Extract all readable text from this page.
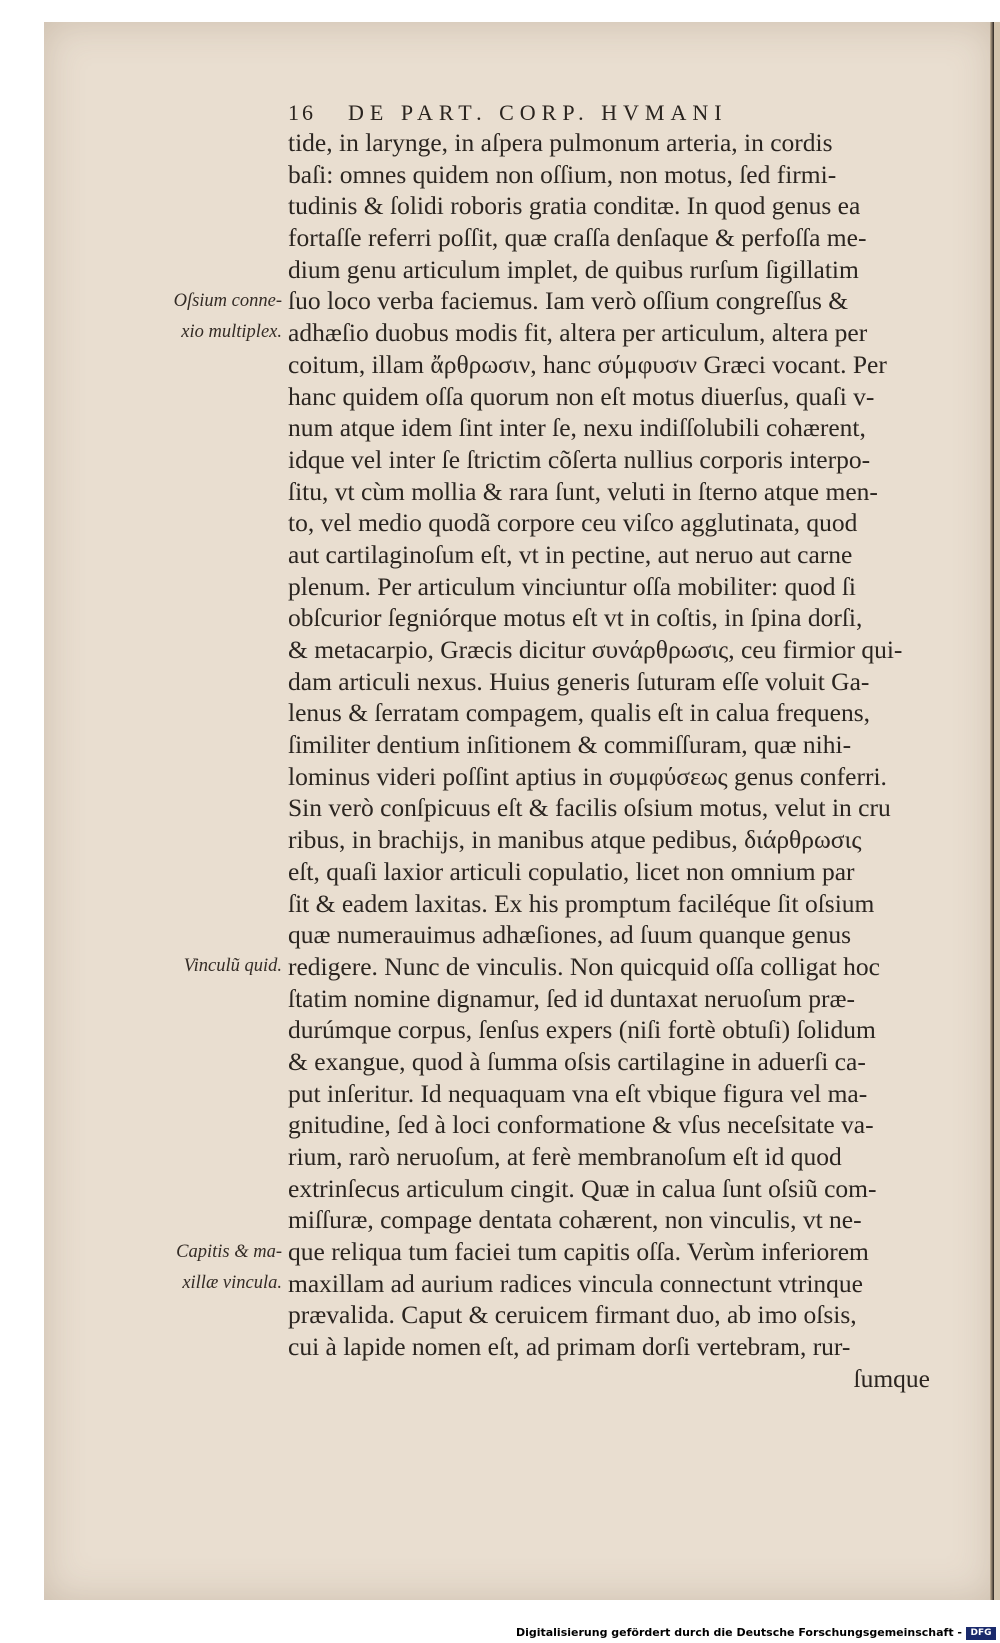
16 DE PART. CORP. HVMANI
tide, in larynge, in aſpera pulmonum arteria, in cordis
baſi: omnes quidem non oſſium, non motus, ſed firmi-
tudinis & ſolidi roboris gratia conditæ. In quod genus ea
fortaſſe referri poſſit, quæ craſſa denſaque & perfoſſa me-
dium genu articulum implet, de quibus rurſum ſigillatim
ſuo loco verba faciemus. Iam verò oſſium congreſſus &
adhæſio duobus modis fit, altera per articulum, altera per
coitum, illam ἄρθρωσιν, hanc σύμφυσιν Græci vocant. Per
hanc quidem oſſa quorum non eſt motus diuerſus, quaſi v-
num atque idem ſint inter ſe, nexu indiſſolubili cohærent,
idque vel inter ſe ſtrictim cõſerta nullius corporis interpo-
ſitu, vt cùm mollia & rara ſunt, veluti in ſterno atque men-
to, vel medio quodã corpore ceu viſco agglutinata, quod
aut cartilaginoſum eſt, vt in pectine, aut neruo aut carne
plenum. Per articulum vinciuntur oſſa mobiliter: quod ſi
obſcurior ſegniórque motus eſt vt in coſtis, in ſpina dorſi,
& metacarpio, Græcis dicitur συνάρθρωσις, ceu firmior qui-
dam articuli nexus. Huius generis ſuturam eſſe voluit Ga-
lenus & ſerratam compagem, qualis eſt in calua frequens,
ſimiliter dentium inſitionem & commiſſuram, quæ nihi-
lominus videri poſſint aptius in συμφύσεως genus conferri.
Sin verò conſpicuus eſt & facilis oſsium motus, velut in cru
ribus, in brachijs, in manibus atque pedibus, διάρθρωσις
eſt, quaſi laxior articuli copulatio, licet non omnium par
ſit & eadem laxitas. Ex his promptum faciléque ſit oſsium
quæ numerauimus adhæſiones, ad ſuum quanque genus
redigere. Nunc de vinculis. Non quicquid oſſa colligat hoc
ſtatim nomine dignamur, ſed id duntaxat neruoſum præ-
durúmque corpus, ſenſus expers (niſi fortè obtuſi) ſolidum
& exangue, quod à ſumma oſsis cartilagine in aduerſi ca-
put inſeritur. Id nequaquam vna eſt vbique figura vel ma-
gnitudine, ſed à loci conformatione & vſus neceſsitate va-
rium, rarò neruoſum, at ferè membranoſum eſt id quod
extrinſecus articulum cingit. Quæ in calua ſunt oſsiũ com-
miſſuræ, compage dentata cohærent, non vinculis, vt ne-
que reliqua tum faciei tum capitis oſſa. Verùm inferiorem
maxillam ad aurium radices vincula connectunt vtrinque
prævalida. Caput & ceruicem firmant duo, ab imo oſsis,
cui à lapide nomen eſt, ad primam dorſi vertebram, rur-
ſumque
Oſsium conne-
xio multiplex.
Vinculũ quid.
Capitis & ma-
xillæ vincula.
Digitalisierung gefördert durch die Deutsche Forschungsgemeinschaft - DFG
